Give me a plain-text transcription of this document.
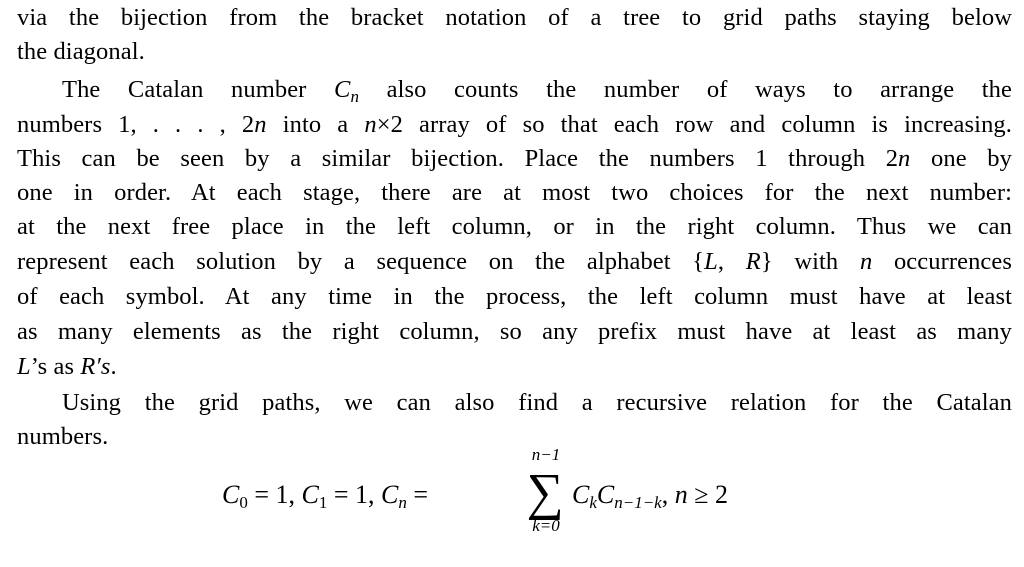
via the bijection from the bracket notation of a tree to grid paths staying below
the diagonal.
The Catalan number $C_n$ also counts the number of ways to arrange the
numbers 1, . . . , 2n into a n×2 array of so that each row and column is increasing.
This can be seen by a similar bijection. Place the numbers 1 through 2n one by
one in order. At each stage, there are at most two choices for the next number:
at the next free place in the left column, or in the right column. Thus we can
represent each solution by a sequence on the alphabet {L, R} with n occurrences
of each symbol. At any time in the process, the left column must have at least
as many elements as the right column, so any prefix must have at least as many
L’s as R′s.
Using the grid paths, we can also find a recursive relation for the Catalan
numbers.
C0 = 1, C1 = 1, $C_n$ =
n−1
∑
k=0
$C_kC_{n-1-k}$, n ≥ 2
